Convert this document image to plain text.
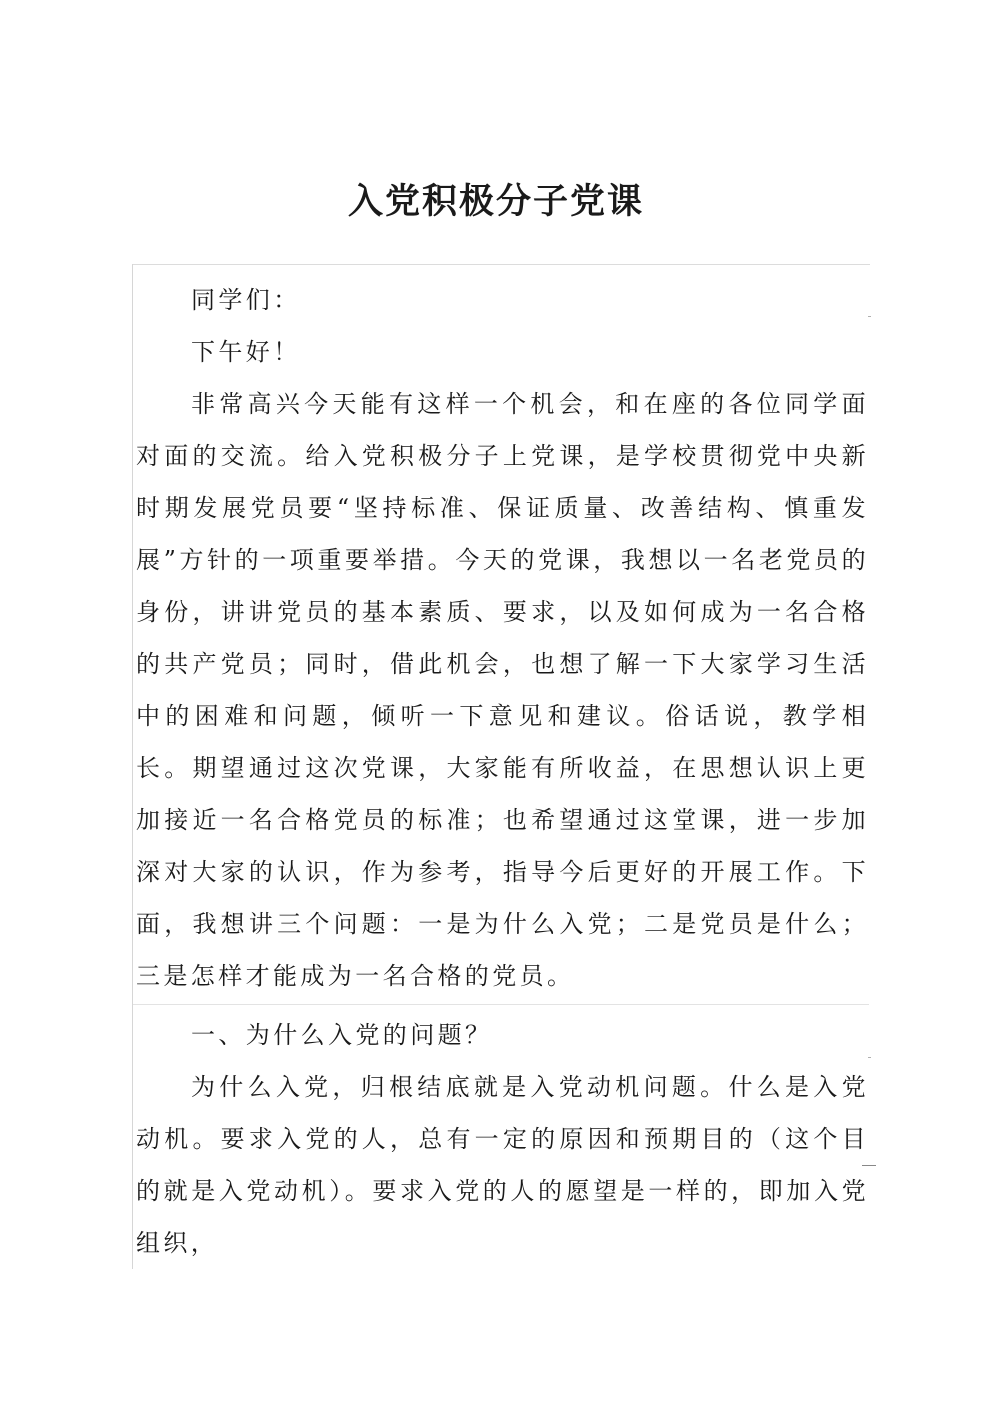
入党积极分子党课

同学们：

下午好！

非常高兴今天能有这样一个机会，和在座的各位同学面对面的交流。给入党积极分子上党课，是学校贯彻党中央新时期发展党员要“坚持标准、保证质量、改善结构、慎重发展”方针的一项重要举措。今天的党课，我想以一名老党员的身份，讲讲党员的基本素质、要求，以及如何成为一名合格的共产党员；同时，借此机会，也想了解一下大家学习生活中的困难和问题，倾听一下意见和建议。俗话说，教学相长。期望通过这次党课，大家能有所收益，在思想认识上更加接近一名合格党员的标准；也希望通过这堂课，进一步加深对大家的认识，作为参考，指导今后更好的开展工作。下面，我想讲三个问题：一是为什么入党；二是党员是什么；三是怎样才能成为一名合格的党员。

一、为什么入党的问题？

为什么入党，归根结底就是入党动机问题。什么是入党动机。要求入党的人，总有一定的原因和预期目的（这个目的就是入党动机）。要求入党的人的愿望是一样的，即加入党组织，
